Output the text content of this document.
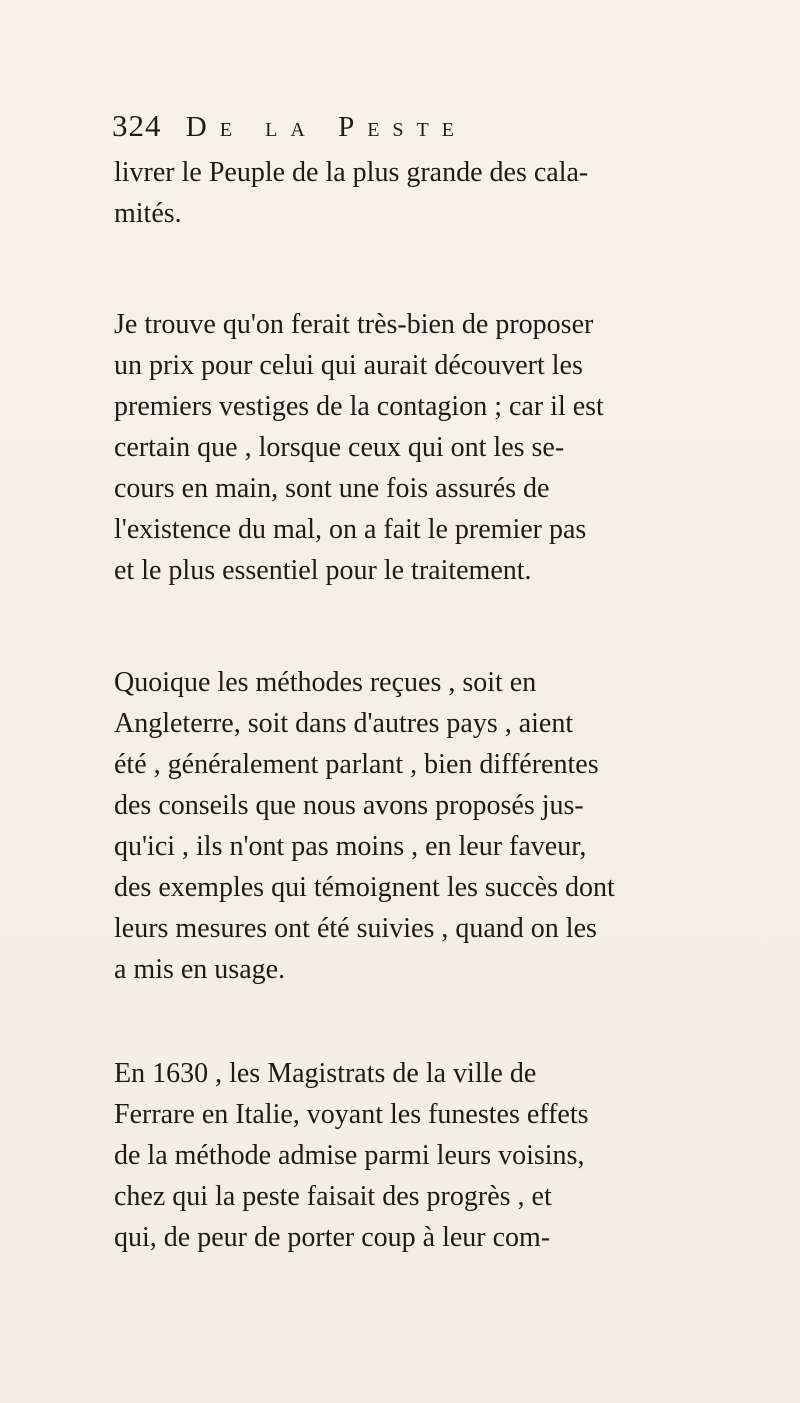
324 De la Peste

livrer le Peuple de la plus grande des cala-
mités.

Je trouve qu'on ferait très-bien de proposer
un prix pour celui qui aurait découvert les
premiers vestiges de la contagion ; car il est
certain que , lorsque ceux qui ont les se-
cours en main, sont une fois assurés de
l'existence du mal, on a fait le premier pas
et le plus essentiel pour le traitement.

Quoique les méthodes reçues , soit en
Angleterre, soit dans d'autres pays , aient
été , généralement parlant , bien différentes
des conseils que nous avons proposés jus-
qu'ici , ils n'ont pas moins , en leur faveur,
des exemples qui témoignent les succès dont
leurs mesures ont été suivies , quand on les
a mis en usage.

En 1630 , les Magistrats de la ville de
Ferrare en Italie, voyant les funestes effets
de la méthode admise parmi leurs voisins,
chez qui la peste faisait des progrès , et
qui, de peur de porter coup à leur com-
